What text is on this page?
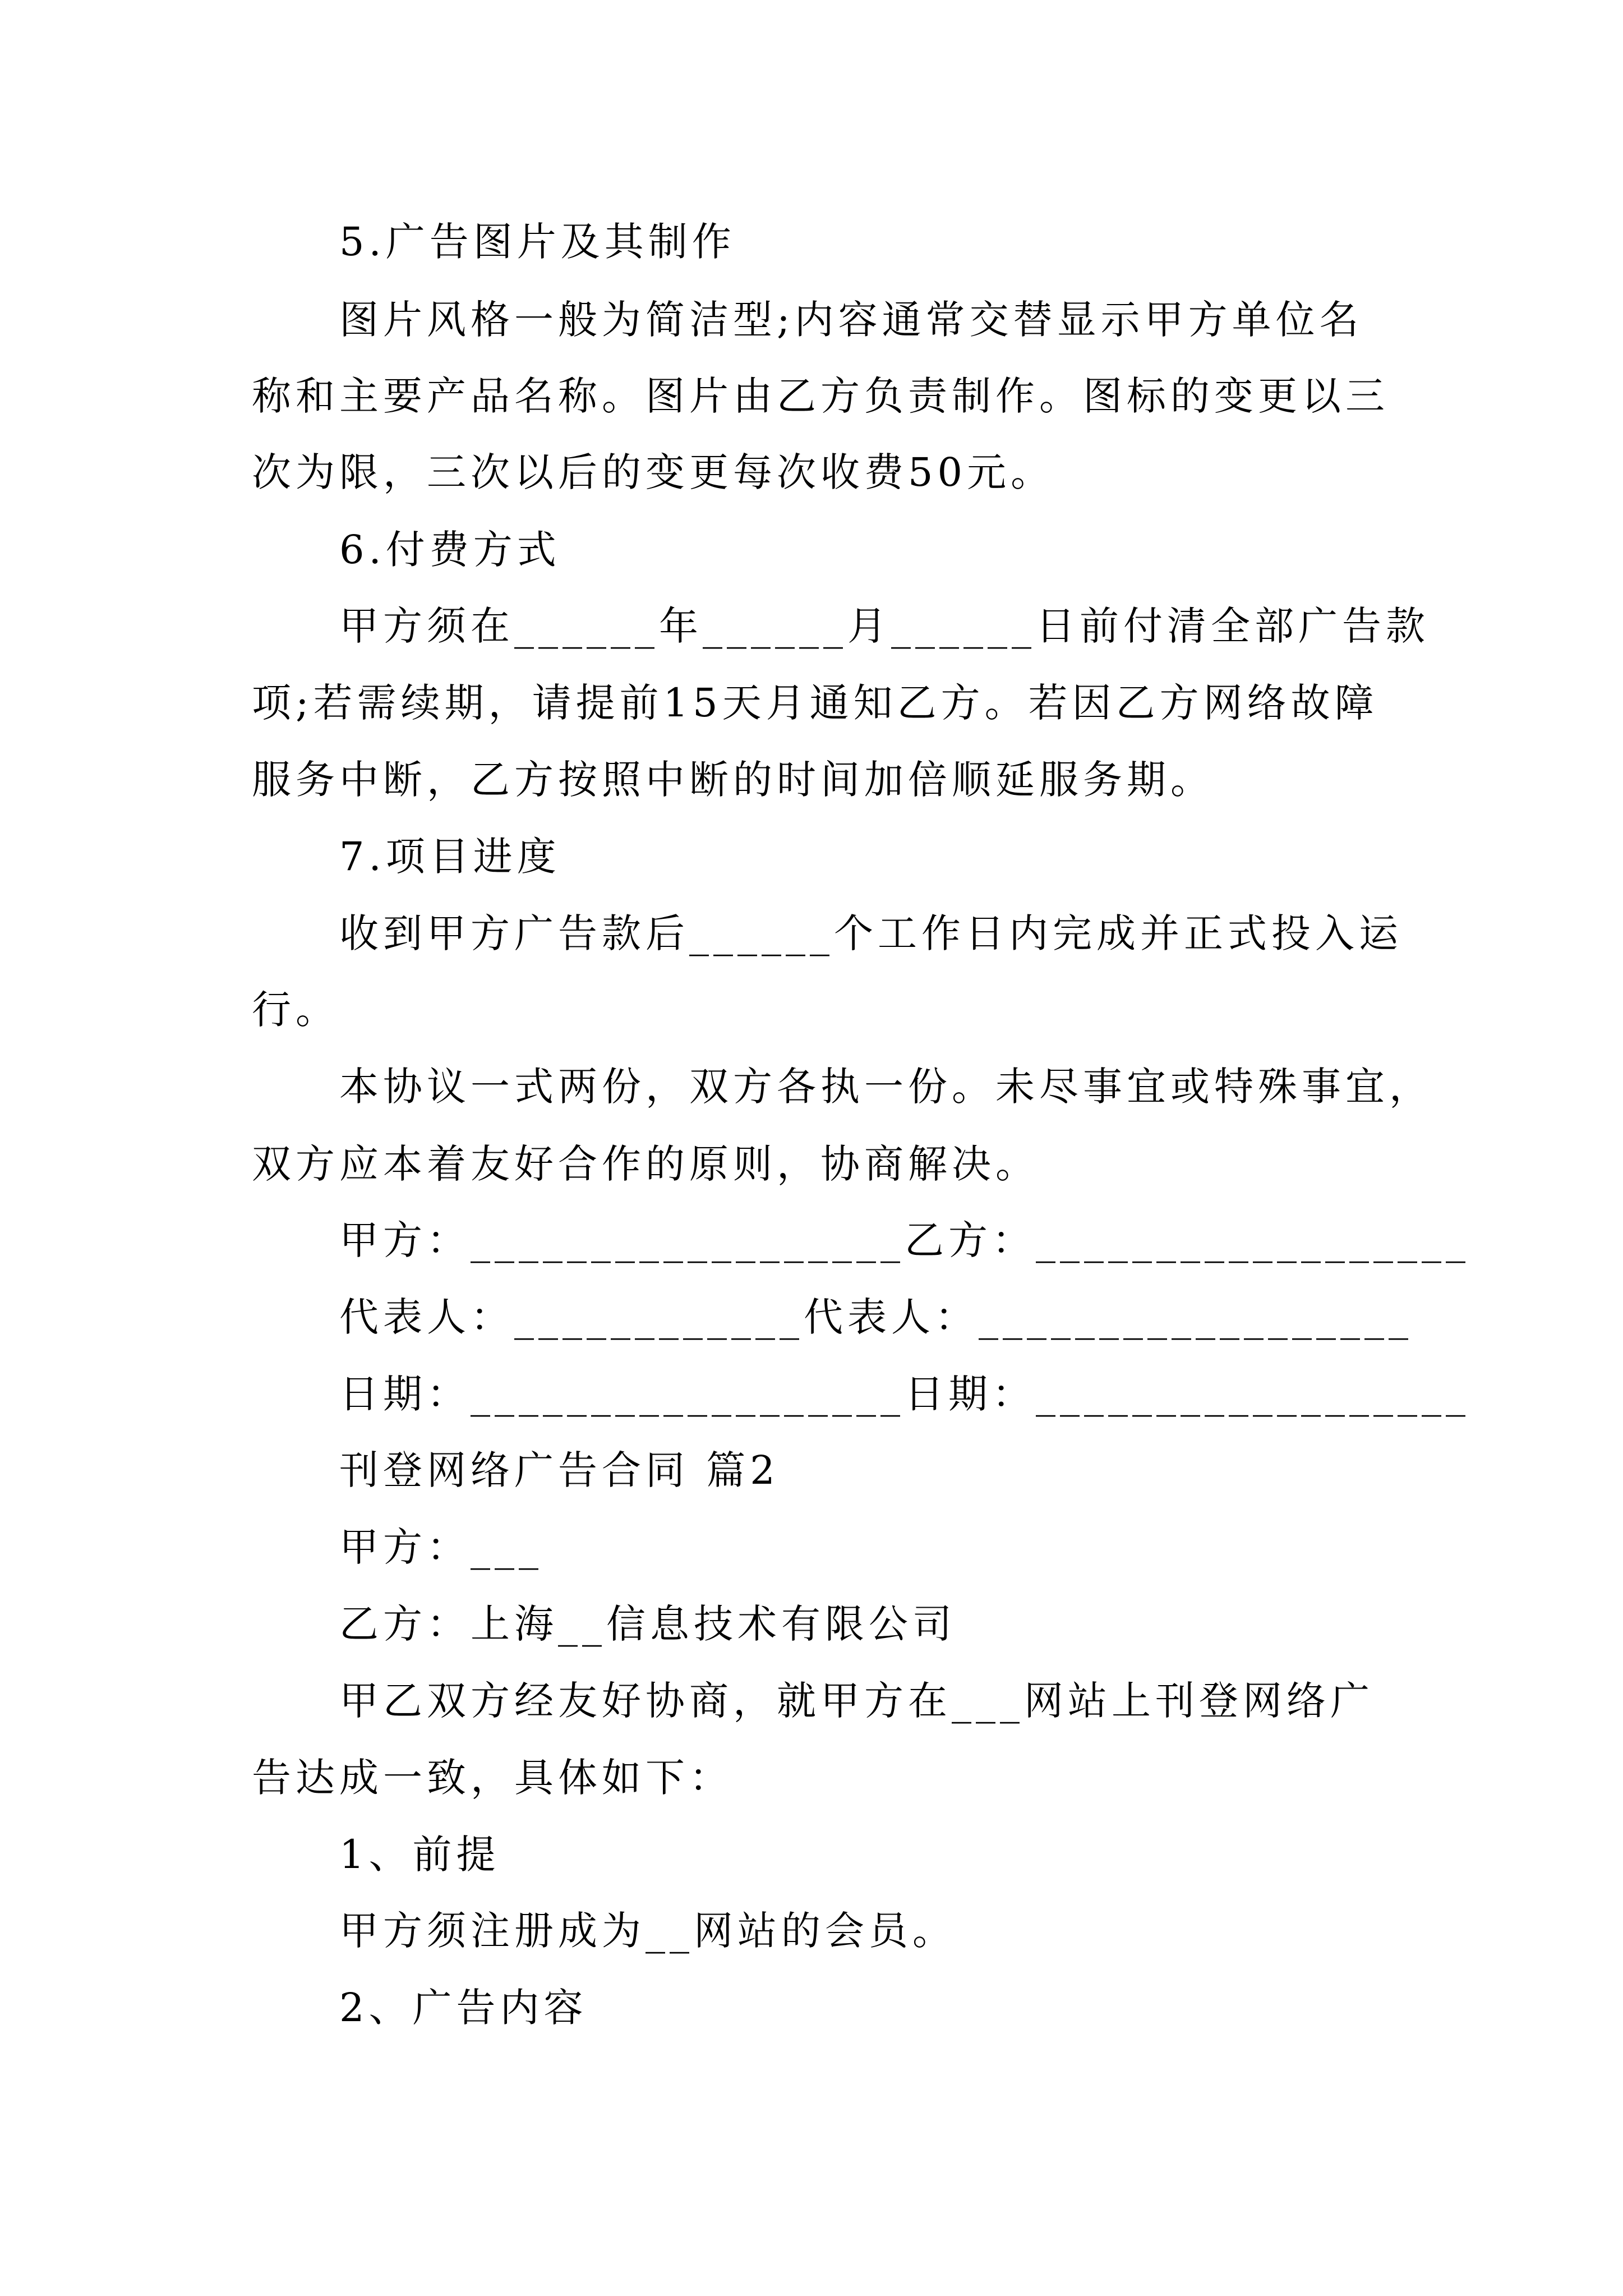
5.广告图片及其制作
图片风格一般为简洁型;内容通常交替显示甲方单位名
称和主要产品名称。图片由乙方负责制作。图标的变更以三
次为限，三次以后的变更每次收费50元。
6.付费方式
甲方须在______年______月______日前付清全部广告款
项;若需续期，请提前15天月通知乙方。若因乙方网络故障
服务中断，乙方按照中断的时间加倍顺延服务期。
7.项目进度
收到甲方广告款后______个工作日内完成并正式投入运
行。
本协议一式两份，双方各执一份。未尽事宜或特殊事宜，
双方应本着友好合作的原则，协商解决。
甲方：__________________乙方：__________________
代表人：____________代表人：__________________
日期：__________________日期：__________________
刊登网络广告合同 篇2
甲方：___
乙方：上海__信息技术有限公司
甲乙双方经友好协商，就甲方在___网站上刊登网络广
告达成一致，具体如下：
1、前提
甲方须注册成为__网站的会员。
2、广告内容
